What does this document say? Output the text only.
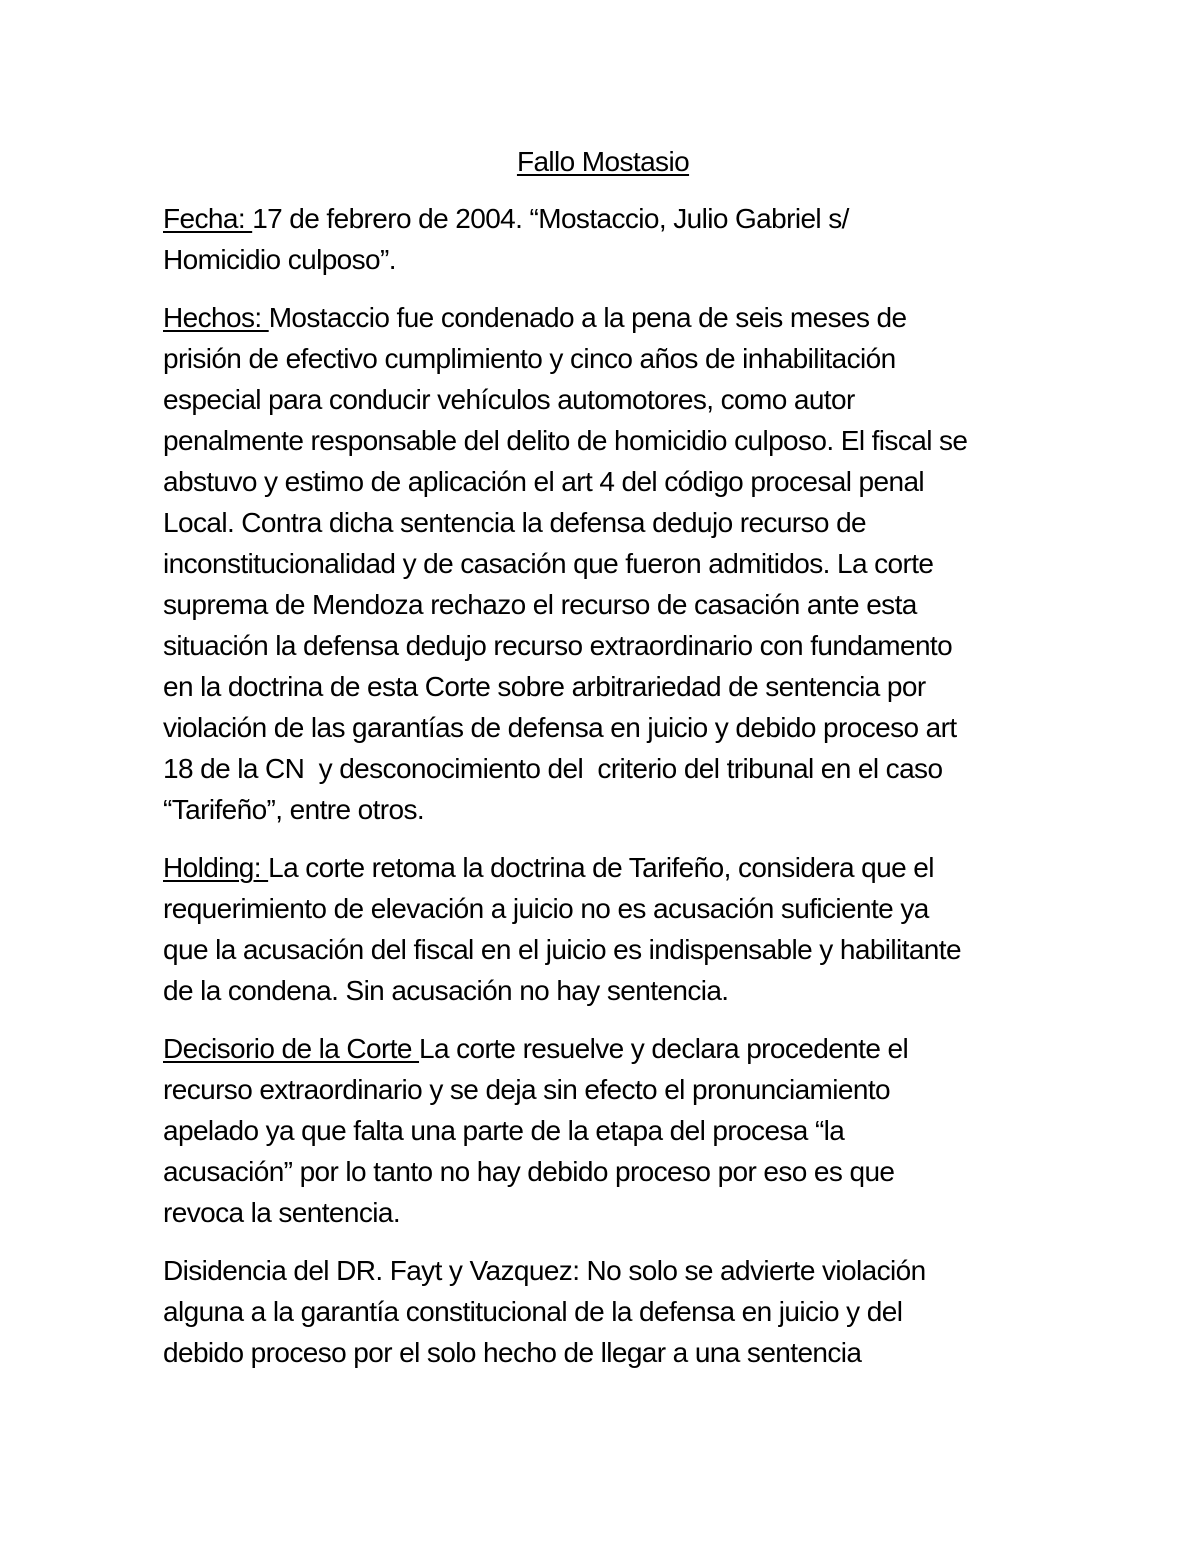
Fallo Mostasio
Fecha: 17 de febrero de 2004. “Mostaccio, Julio Gabriel s/
Homicidio culposo”.
Hechos: Mostaccio fue condenado a la pena de seis meses de
prisión de efectivo cumplimiento y cinco años de inhabilitación
especial para conducir vehículos automotores, como autor
penalmente responsable del delito de homicidio culposo. El fiscal se
abstuvo y estimo de aplicación el art 4 del código procesal penal
Local. Contra dicha sentencia la defensa dedujo recurso de
inconstitucionalidad y de casación que fueron admitidos. La corte
suprema de Mendoza rechazo el recurso de casación ante esta
situación la defensa dedujo recurso extraordinario con fundamento
en la doctrina de esta Corte sobre arbitrariedad de sentencia por
violación de las garantías de defensa en juicio y debido proceso art
18 de la CN  y desconocimiento del  criterio del tribunal en el caso
“Tarifeño”, entre otros.
Holding: La corte retoma la doctrina de Tarifeño, considera que el
requerimiento de elevación a juicio no es acusación suficiente ya
que la acusación del fiscal en el juicio es indispensable y habilitante
de la condena. Sin acusación no hay sentencia.
Decisorio de la Corte La corte resuelve y declara procedente el
recurso extraordinario y se deja sin efecto el pronunciamiento
apelado ya que falta una parte de la etapa del procesa “la
acusación” por lo tanto no hay debido proceso por eso es que
revoca la sentencia.
Disidencia del DR. Fayt y Vazquez: No solo se advierte violación
alguna a la garantía constitucional de la defensa en juicio y del
debido proceso por el solo hecho de llegar a una sentencia
